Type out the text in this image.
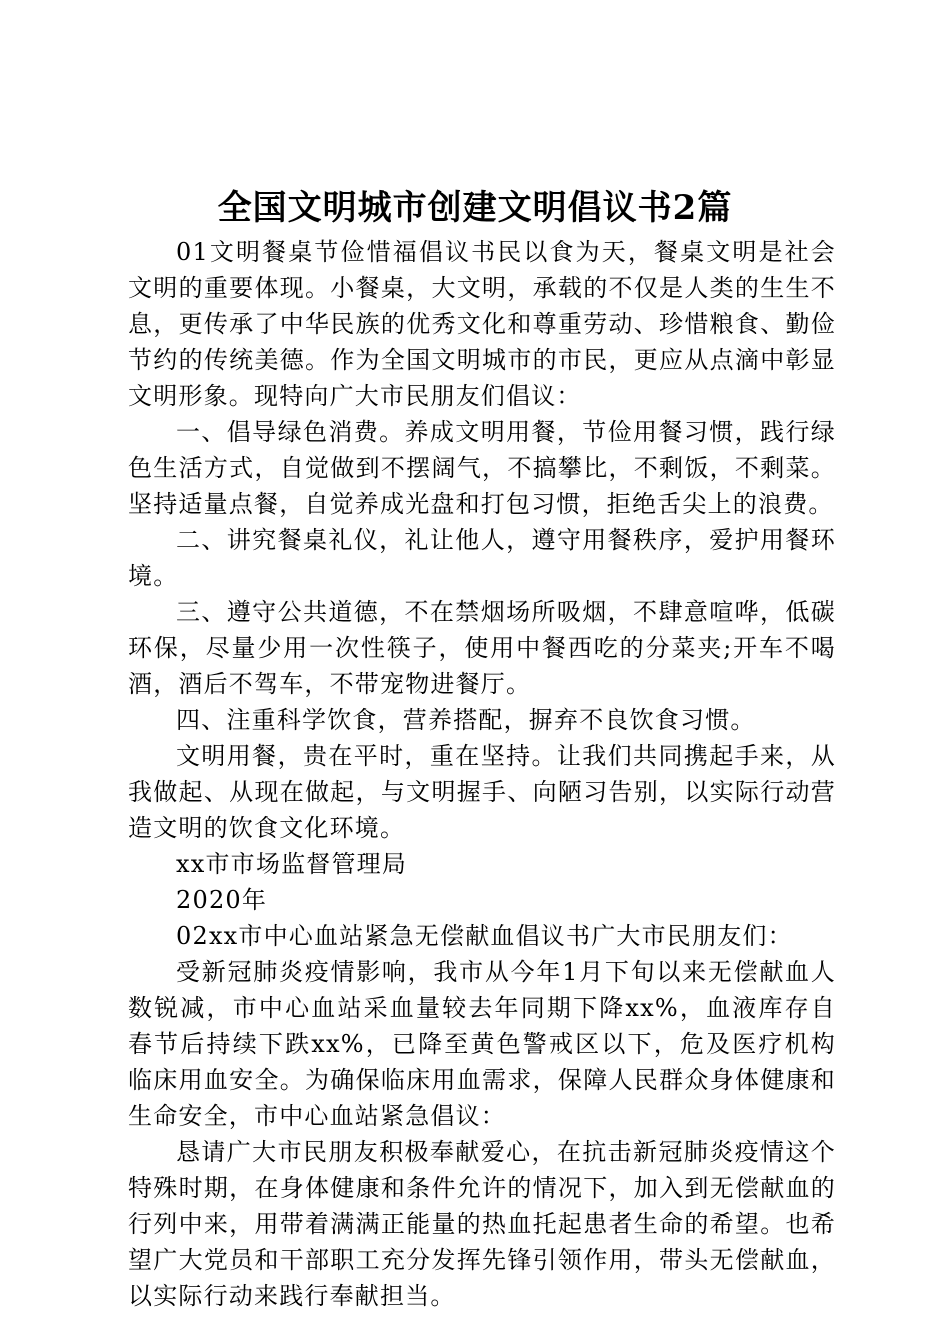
全国文明城市创建文明倡议书2篇

01文明餐桌节俭惜福倡议书民以食为天，餐桌文明是社会文明的重要体现。小餐桌，大文明，承载的不仅是人类的生生不息，更传承了中华民族的优秀文化和尊重劳动、珍惜粮食、勤俭节约的传统美德。作为全国文明城市的市民，更应从点滴中彰显文明形象。现特向广大市民朋友们倡议：

一、倡导绿色消费。养成文明用餐，节俭用餐习惯，践行绿色生活方式，自觉做到不摆阔气，不搞攀比，不剩饭，不剩菜。坚持适量点餐，自觉养成光盘和打包习惯，拒绝舌尖上的浪费。

二、讲究餐桌礼仪，礼让他人，遵守用餐秩序，爱护用餐环境。

三、遵守公共道德，不在禁烟场所吸烟，不肆意喧哗，低碳环保，尽量少用一次性筷子，使用中餐西吃的分菜夹;开车不喝酒，酒后不驾车，不带宠物进餐厅。

四、注重科学饮食，营养搭配，摒弃不良饮食习惯。

文明用餐，贵在平时，重在坚持。让我们共同携起手来，从我做起、从现在做起，与文明握手、向陋习告别，以实际行动营造文明的饮食文化环境。

xx市市场监督管理局

2020年

02xx市中心血站紧急无偿献血倡议书广大市民朋友们：

受新冠肺炎疫情影响，我市从今年1月下旬以来无偿献血人数锐减，市中心血站采血量较去年同期下降xx%，血液库存自春节后持续下跌xx%，已降至黄色警戒区以下，危及医疗机构临床用血安全。为确保临床用血需求，保障人民群众身体健康和生命安全，市中心血站紧急倡议：

恳请广大市民朋友积极奉献爱心，在抗击新冠肺炎疫情这个特殊时期，在身体健康和条件允许的情况下，加入到无偿献血的行列中来，用带着满满正能量的热血托起患者生命的希望。也希望广大党员和干部职工充分发挥先锋引领作用，带头无偿献血，以实际行动来践行奉献担当。
